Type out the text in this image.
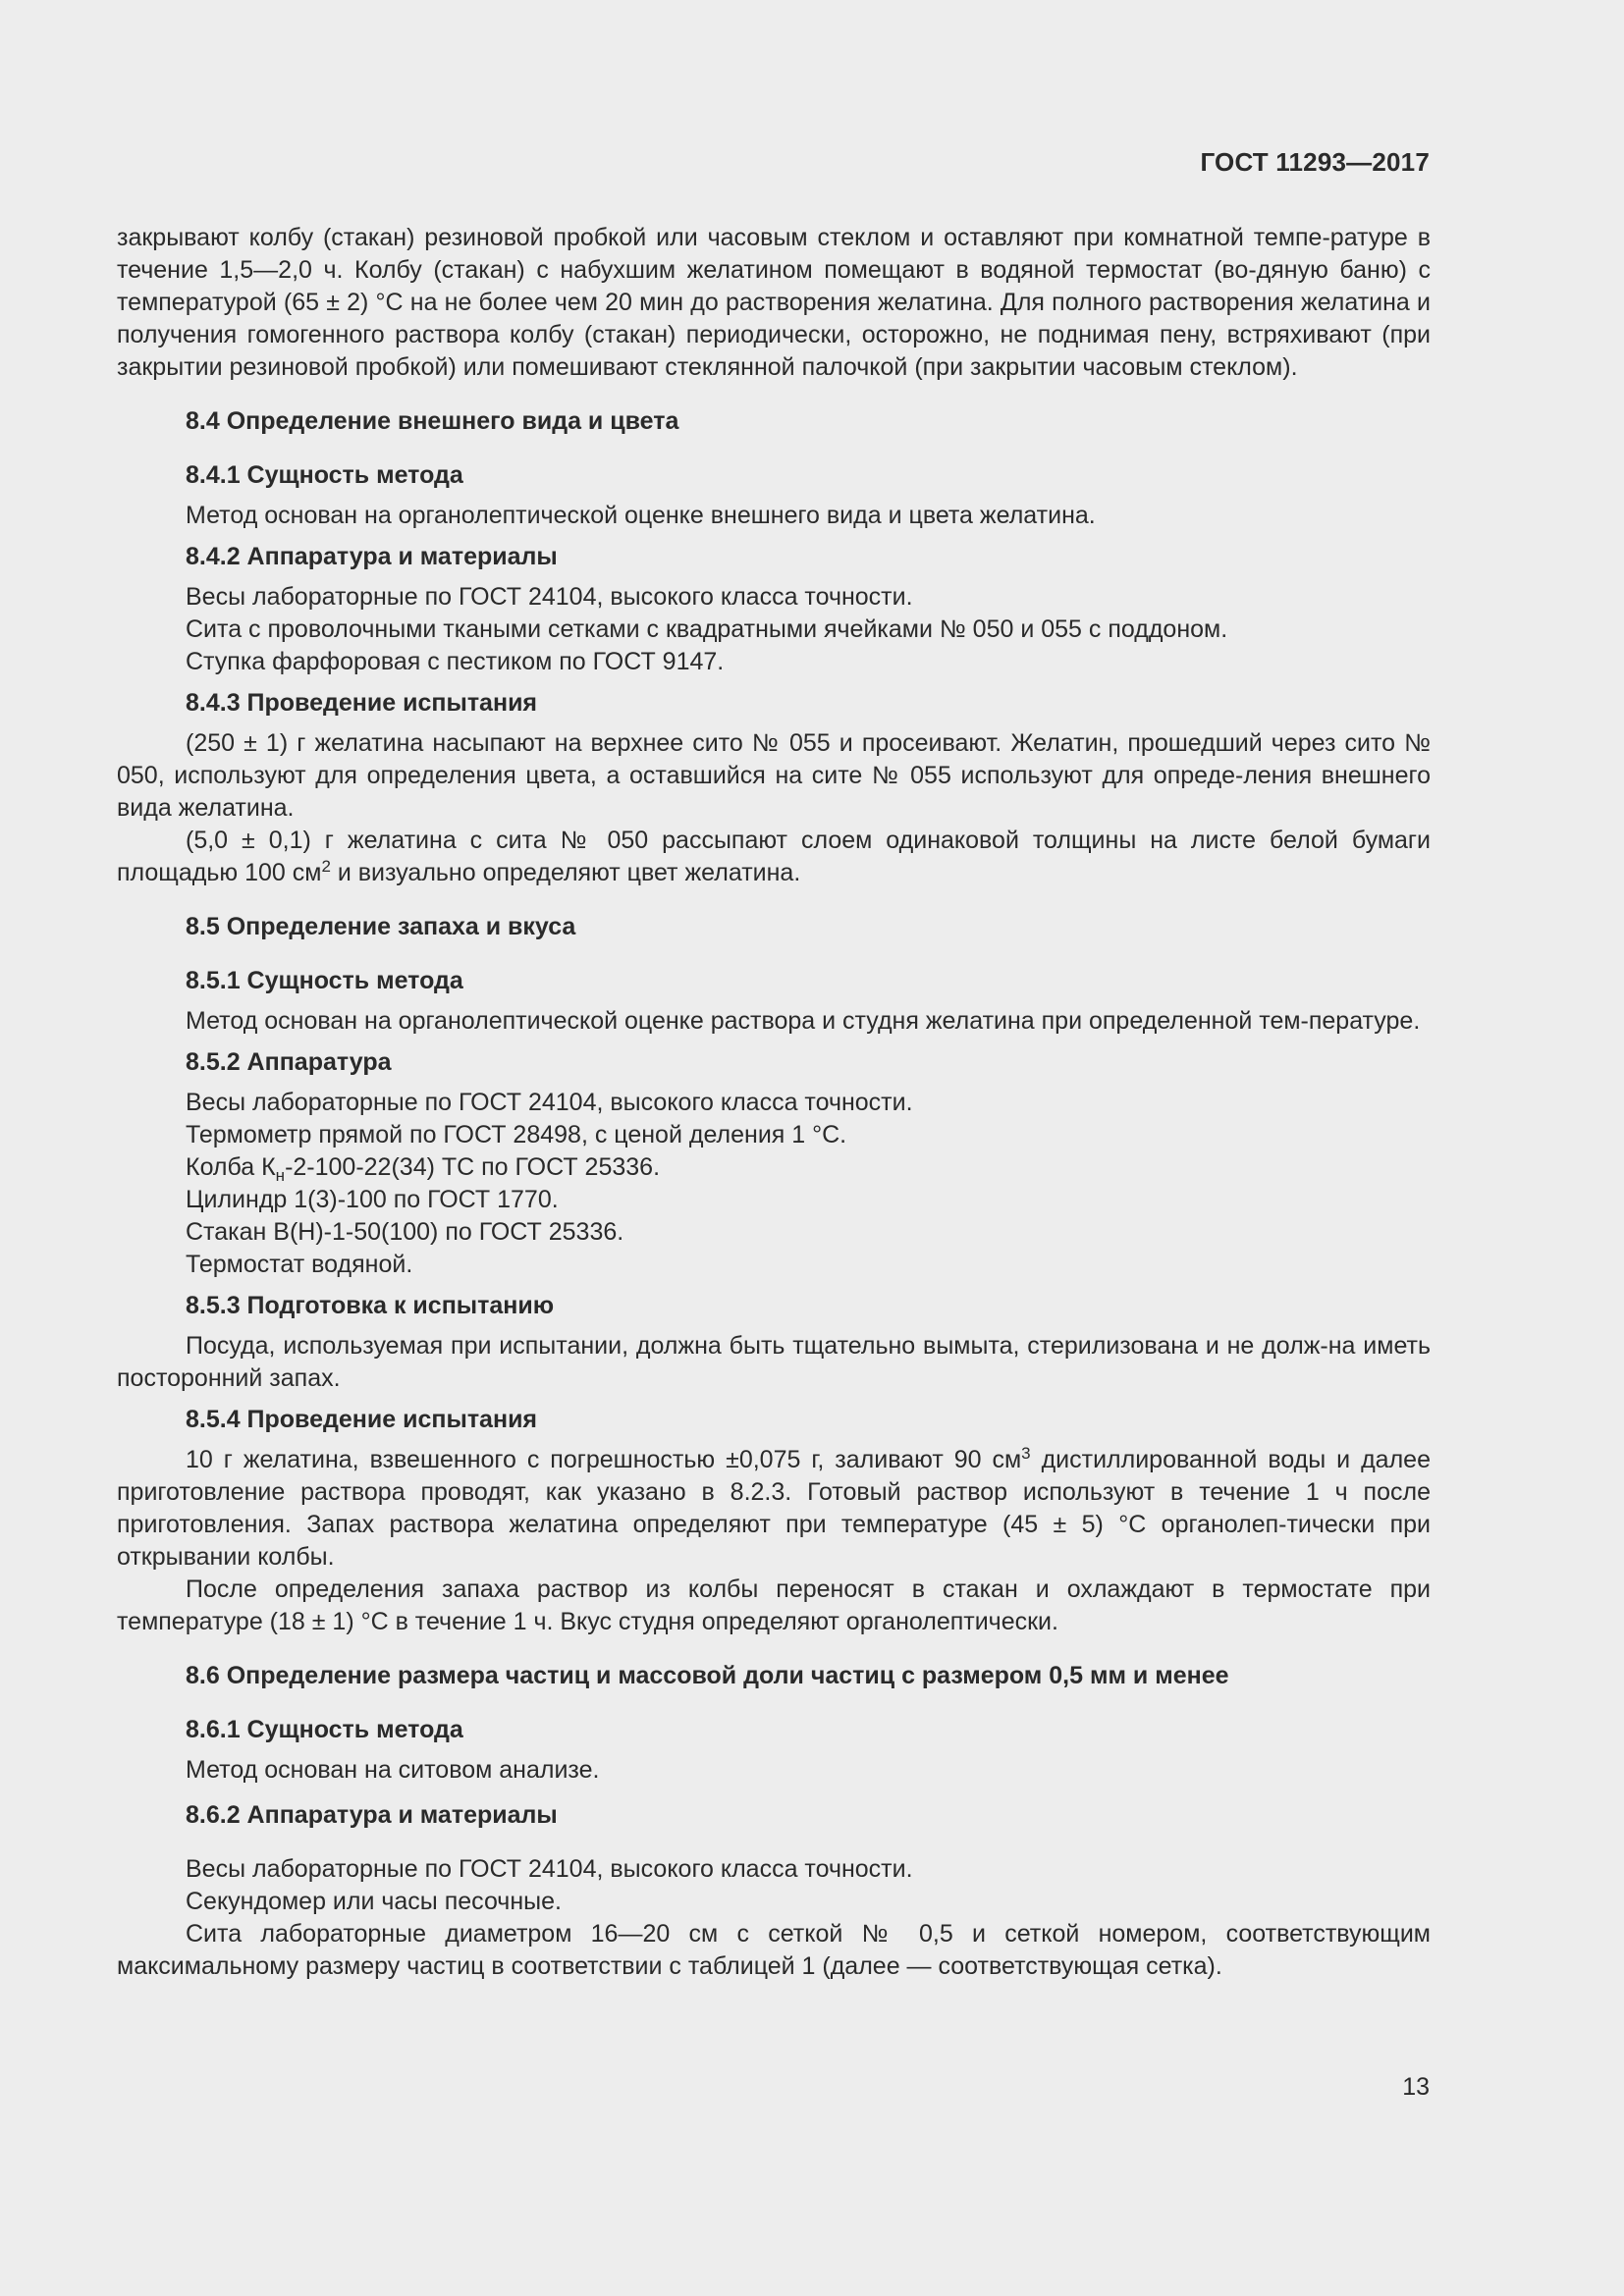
ГОСТ 11293—2017

закрывают колбу (стакан) резиновой пробкой или часовым стеклом и оставляют при комнатной темпе-ратуре в течение 1,5—2,0 ч. Колбу (стакан) с набухшим желатином помещают в водяной термостат (во-дяную баню) с температурой (65 ± 2) °С на не более чем 20 мин до растворения желатина. Для полного растворения желатина и получения гомогенного раствора колбу (стакан) периодически, осторожно, не поднимая пену, встряхивают (при закрытии резиновой пробкой) или помешивают стеклянной палочкой (при закрытии часовым стеклом).

8.4 Определение внешнего вида и цвета

8.4.1 Сущность метода

Метод основан на органолептической оценке внешнего вида и цвета желатина.

8.4.2 Аппаратура и материалы

Весы лабораторные по ГОСТ 24104, высокого класса точности.

Сита с проволочными ткаными сетками с квадратными ячейками № 050 и 055 с поддоном.

Ступка фарфоровая с пестиком по ГОСТ 9147.

8.4.3 Проведение испытания

(250 ± 1) г желатина насыпают на верхнее сито № 055 и просеивают. Желатин, прошедший через сито № 050, используют для определения цвета, а оставшийся на сите № 055 используют для опреде-ления внешнего вида желатина.

(5,0 ± 0,1) г желатина с сита № 050 рассыпают слоем одинаковой толщины на листе белой бумаги площадью 100 $см^2$ и визуально определяют цвет желатина.

8.5 Определение запаха и вкуса

8.5.1 Сущность метода

Метод основан на органолептической оценке раствора и студня желатина при определенной тем-пературе.

8.5.2 Аппаратура

Весы лабораторные по ГОСТ 24104, высокого класса точности.

Термометр прямой по ГОСТ 28498, с ценой деления 1 °С.

Колба $К_н-2-100-22(34)$ ТС по ГОСТ 25336.

Цилиндр 1(3)-100 по ГОСТ 1770.

Стакан В(Н)-1-50(100) по ГОСТ 25336.

Термостат водяной.

8.5.3 Подготовка к испытанию

Посуда, используемая при испытании, должна быть тщательно вымыта, стерилизована и не долж-на иметь посторонний запах.

8.5.4 Проведение испытания

10 г желатина, взвешенного с погрешностью ±0,075 г, заливают 90 $см^3$ дистиллированной воды и далее приготовление раствора проводят, как указано в 8.2.3. Готовый раствор используют в течение 1 ч после приготовления. Запах раствора желатина определяют при температуре (45 ± 5) °С органолеп-тически при открывании колбы.

После определения запаха раствор из колбы переносят в стакан и охлаждают в термостате при температуре (18 ± 1) °С в течение 1 ч. Вкус студня определяют органолептически.

8.6 Определение размера частиц и массовой доли частиц с размером 0,5 мм и менее

8.6.1 Сущность метода

Метод основан на ситовом анализе.

8.6.2 Аппаратура и материалы

Весы лабораторные по ГОСТ 24104, высокого класса точности.

Секундомер или часы песочные.

Сита лабораторные диаметром 16—20 см с сеткой № 0,5 и сеткой номером, соответствующим максимальному размеру частиц в соответствии с таблицей 1 (далее — соответствующая сетка).

13
